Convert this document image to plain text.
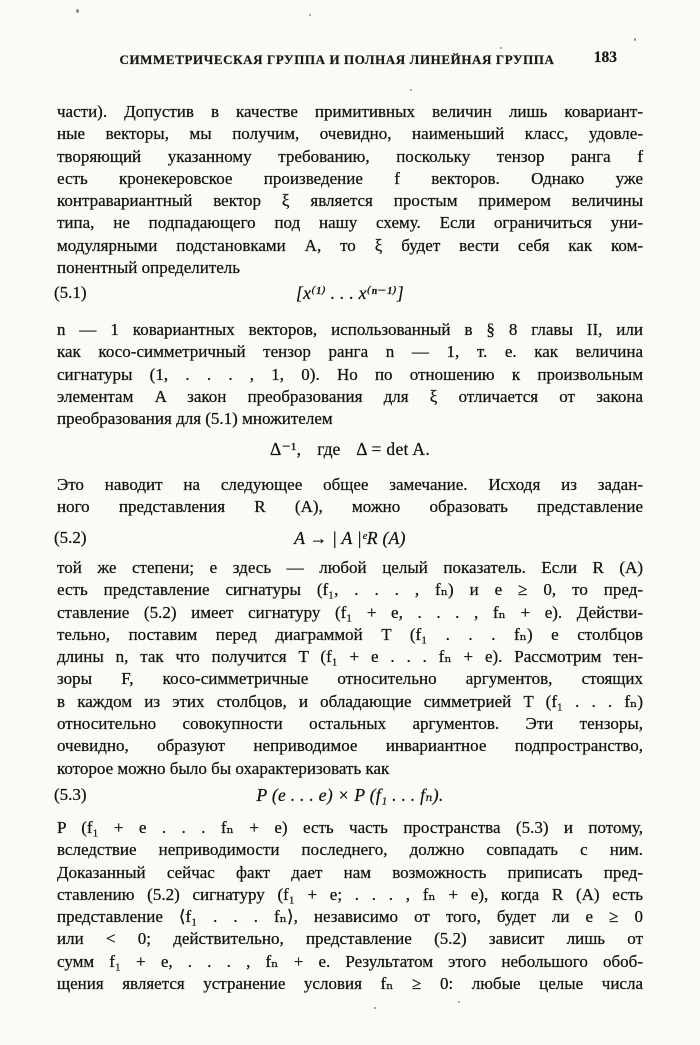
СИММЕТРИЧЕСКАЯ ГРУППА И ПОЛНАЯ ЛИНЕЙНАЯ ГРУППА	183
части). Допустив в качестве примитивных величин лишь ковариант-
ные векторы, мы получим, очевидно, наименьший класс, удовле-
творяющий указанному требованию, поскольку тензор ранга f
есть кронекеровское произведение f векторов. Однако уже
контравариантный вектор ξ является простым примером величины
типа, не подпадающего под нашу схему. Если ограничиться уни-
модулярными подстановками A, то ξ будет вести себя как ком-
понентный определитель
(5.1)	[x⁽¹⁾ . . . x⁽ⁿ⁻¹⁾]
n — 1 ковариантных векторов, использованный в § 8 главы II, или
как косо-симметричный тензор ранга n — 1, т. е. как величина
сигнатуры (1, . . . , 1, 0). Но по отношению к произвольным
элементам A закон преобразования для ξ отличается от закона
преобразования для (5.1) множителем
Δ⁻¹, где Δ = det A.
Это наводит на следующее общее замечание. Исходя из задан-
ного представления R (A), можно образовать представление
(5.2)	A → | A |ᵉR (A)
той же степени; e здесь — любой целый показатель. Если R (A)
есть представление сигнатуры (f₁, . . . , fₙ) и e ≥ 0, то пред-
ставление (5.2) имеет сигнатуру (f₁ + e, . . . , fₙ + e). Действи-
тельно, поставим перед диаграммой T (f₁ . . . fₙ) e столбцов
длины n, так что получится T (f₁ + e . . . fₙ + e). Рассмотрим тен-
зоры F, косо-симметричные относительно аргументов, стоящих
в каждом из этих столбцов, и обладающие симметрией T (f₁ . . . fₙ)
относительно совокупности остальных аргументов. Эти тензоры,
очевидно, образуют неприводимое инвариантное подпространство,
которое можно было бы охарактеризовать как
(5.3)	P (e . . . e) × P (f₁ . . . fₙ).
P (f₁ + e . . . fₙ + e) есть часть пространства (5.3) и потому,
вследствие неприводимости последнего, должно совпадать с ним.
Доказанный сейчас факт дает нам возможность приписать пред-
ставлению (5.2) сигнатуру (f₁ + e; . . . , fₙ + e), когда R (A) есть
представление ⟨f₁ . . . fₙ⟩, независимо от того, будет ли e ≥ 0
или < 0; действительно, представление (5.2) зависит лишь от
сумм f₁ + e, . . . , fₙ + e. Результатом этого небольшого обоб-
щения является устранение условия fₙ ≥ 0: любые целые числа
